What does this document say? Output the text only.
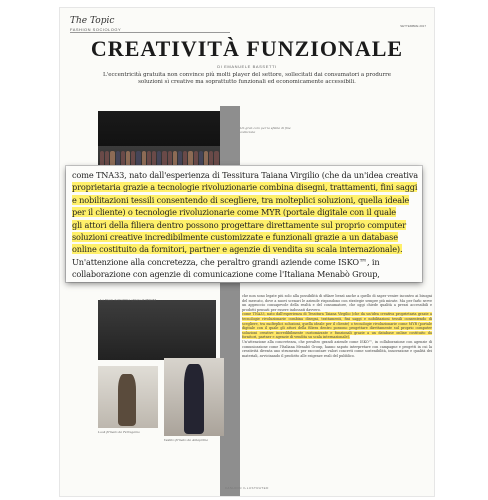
The Topic
FASHION SOCIOLOGY
SETTEMBRE 2017
CREATIVITÀ FUNZIONALE
DI EMANUELE BASSETTI
L'eccentricità gratuita non convince più molti player del settore, sollecitati dai consumatori a produrre soluzioni sì creative ma soprattutto funzionali ed economicamente accessibili.
Un gran coro per la sfilata di fine collezione
La finale dell'ultima sfilata di MSGM
Look firmato da Ferragamo
Vestito firmato da Anteprima

che non sono legate più solo alla possibilità di sfilare bensì anche a quello di saper venire incontro ai bisogni del mercato, dove a nuovi scenari le aziende rispondono con strategie sempre più mirate. Ma per farlo serve un approccio consapevole della realtà e del consumatore, che oggi chiede qualità a prezzi accessibili e prodotti pensati per essere indossati davvero.

come TNA33, nato dall'esperienza di Tessitura Taiana Virgilio (che da un'idea creativa proprietaria grazie a tecnologie rivoluzionarie combina disegni, trattamenti, fini saggi e nobilitazioni tessili consentendo di scegliere, tra molteplici soluzioni, quella ideale per il cliente) o tecnologie rivoluzionarie come MYR (portale digitale con il quale gli attori della filiera dentro possono progettare direttamente sul proprio computer soluzioni creative incredibilmente customizzate e funzionali grazie a un database online costituito da fornitori, partner e agenzie di vendita su scala internazionale).

Un'attenzione alla concretezza, che peraltro grandi aziende come ISKO™, in collaborazione con agenzie di comunicazione come l'Italiana Menabò Group, hanno saputo interpretare con campagne e progetti in cui la creatività diventa uno strumento per raccontare valori concreti come sostenibilità, innovazione e qualità dei materiali, avvicinando il prodotto alle esigenze reali del pubblico.

FASHION ILLUSTRATED

come TNA33, nato dall'esperienza di Tessitura Taiana Virgilio (che da un'idea creativa

proprietaria grazie a tecnologie rivoluzionarie combina disegni, trattamenti, fini saggi

e nobilitazioni tessili consentendo di scegliere, tra molteplici soluzioni, quella ideale

per il cliente) o tecnologie rivoluzionarie come MYR (portale digitale con il quale

gli attori della filiera dentro possono progettare direttamente sul proprio computer

soluzioni creative incredibilmente customizzate e funzionali grazie a un database

online costituito da fornitori, partner e agenzie di vendita su scala internazionale).

Un'attenzione alla concretezza, che peraltro grandi aziende come ISKO™, in

collaborazione con agenzie di comunicazione come l'Italiana Menabò Group,
